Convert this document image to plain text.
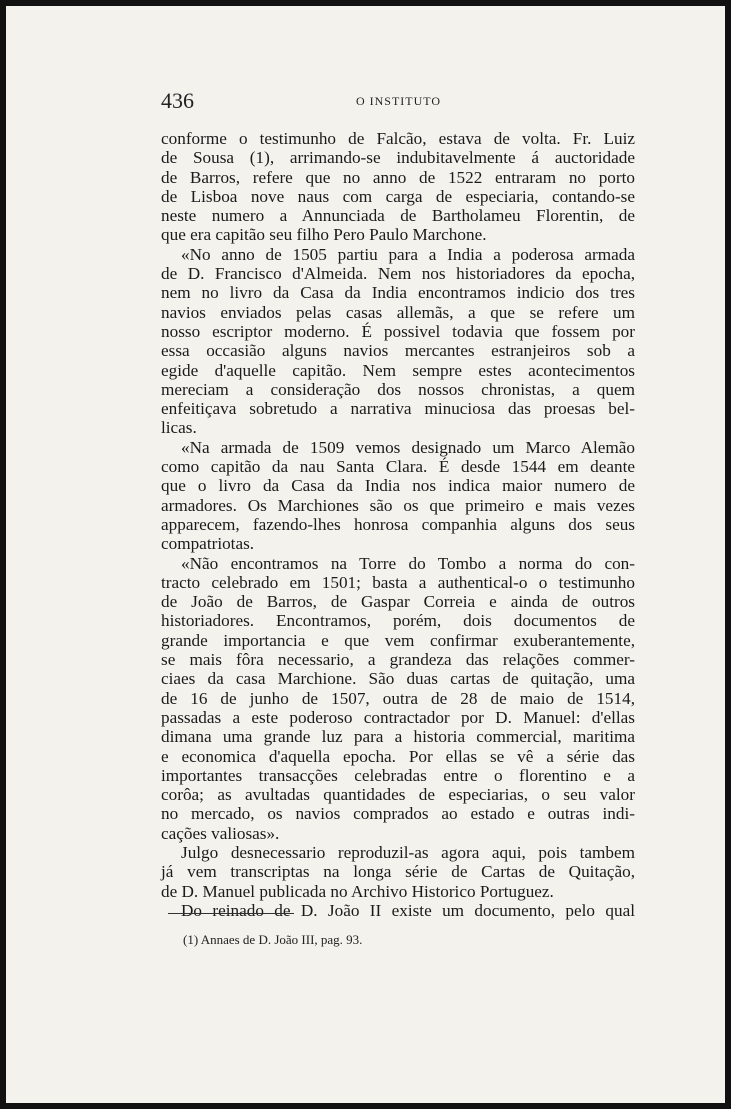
436	O INSTITUTO
conforme o testimunho de Falcão, estava de volta. Fr. Luiz
de Sousa (1), arrimando-se indubitavelmente á auctoridade
de Barros, refere que no anno de 1522 entraram no porto
de Lisboa nove naus com carga de especiaria, contando-se
neste numero a Annunciada de Bartholameu Florentin, de
que era capitão seu filho Pero Paulo Marchone.
«No anno de 1505 partiu para a India a poderosa armada
de D. Francisco d'Almeida. Nem nos historiadores da epocha,
nem no livro da Casa da India encontramos indicio dos tres
navios enviados pelas casas allemãs, a que se refere um
nosso escriptor moderno. É possivel todavia que fossem por
essa occasião alguns navios mercantes estranjeiros sob a
egide d'aquelle capitão. Nem sempre estes acontecimentos
mereciam a consideração dos nossos chronistas, a quem
enfeitiçava sobretudo a narrativa minuciosa das proesas bel-
licas.
«Na armada de 1509 vemos designado um Marco Alemão
como capitão da nau Santa Clara. É desde 1544 em deante
que o livro da Casa da India nos indica maior numero de
armadores. Os Marchiones são os que primeiro e mais vezes
apparecem, fazendo-lhes honrosa companhia alguns dos seus
compatriotas.
«Não encontramos na Torre do Tombo a norma do con-
tracto celebrado em 1501; basta a authentical-o o testimunho
de João de Barros, de Gaspar Correia e ainda de outros
historiadores. Encontramos, porém, dois documentos de
grande importancia e que vem confirmar exuberantemente,
se mais fôra necessario, a grandeza das relações commer-
ciaes da casa Marchione. São duas cartas de quitação, uma
de 16 de junho de 1507, outra de 28 de maio de 1514,
passadas a este poderoso contractador por D. Manuel: d'ellas
dimana uma grande luz para a historia commercial, maritima
e economica d'aquella epocha. Por ellas se vê a série das
importantes transacções celebradas entre o florentino e a
corôa; as avultadas quantidades de especiarias, o seu valor
no mercado, os navios comprados ao estado e outras indi-
cações valiosas».
Julgo desnecessario reproduzil-as agora aqui, pois tambem
já vem transcriptas na longa série de Cartas de Quitação,
de D. Manuel publicada no Archivo Historico Portuguez.
Do reinado de D. João II existe um documento, pelo qual
(1) Annaes de D. João III, pag. 93.
